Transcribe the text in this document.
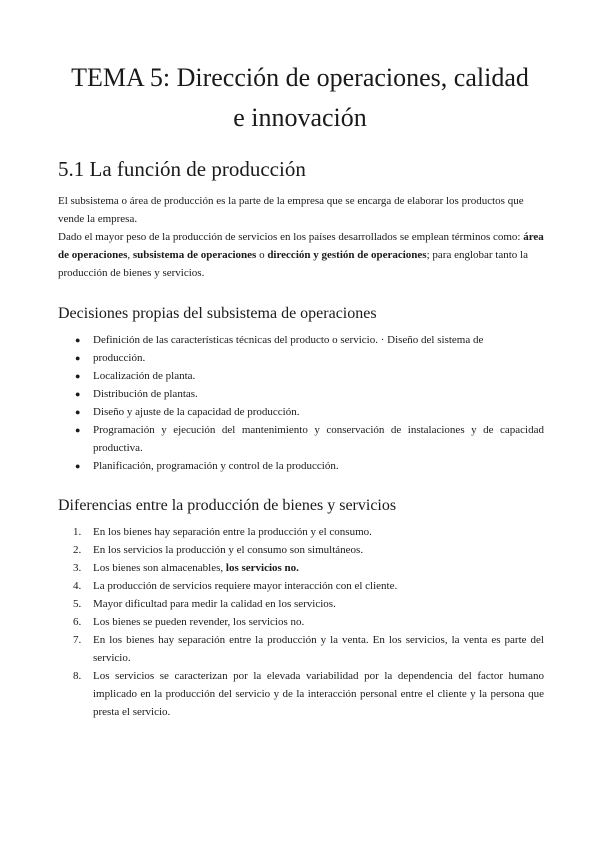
TEMA 5: Dirección de operaciones, calidad
e innovación
5.1 La función de producción

El subsistema o área de producción es la parte de la empresa que se encarga de elaborar los productos que vende la empresa.

Dado el mayor peso de la producción de servicios en los países desarrollados se emplean términos como: área de operaciones, subsistema de operaciones o dirección y gestión de operaciones; para englobar tanto la producción de bienes y servicios.

Decisiones propias del subsistema de operaciones
● Definición de las características técnicas del producto o servicio. · Diseño del sistema de
● producción.
● Localización de planta.
● Distribución de plantas.
● Diseño y ajuste de la capacidad de producción.
● Programación y ejecución del mantenimiento y conservación de instalaciones y de capacidad productiva.
● Planificación, programación y control de la producción.
Diferencias entre la producción de bienes y servicios
1. En los bienes hay separación entre la producción y el consumo.
2. En los servicios la producción y el consumo son simultáneos.
3. Los bienes son almacenables, los servicios no.
4. La producción de servicios requiere mayor interacción con el cliente.
5. Mayor dificultad para medir la calidad en los servicios.
6. Los bienes se pueden revender, los servicios no.
7. En los bienes hay separación entre la producción y la venta. En los servicios, la venta es parte del servicio.
8. Los servicios se caracterizan por la elevada variabilidad por la dependencia del factor humano implicado en la producción del servicio y de la interacción personal entre el cliente y la persona que presta el servicio.
